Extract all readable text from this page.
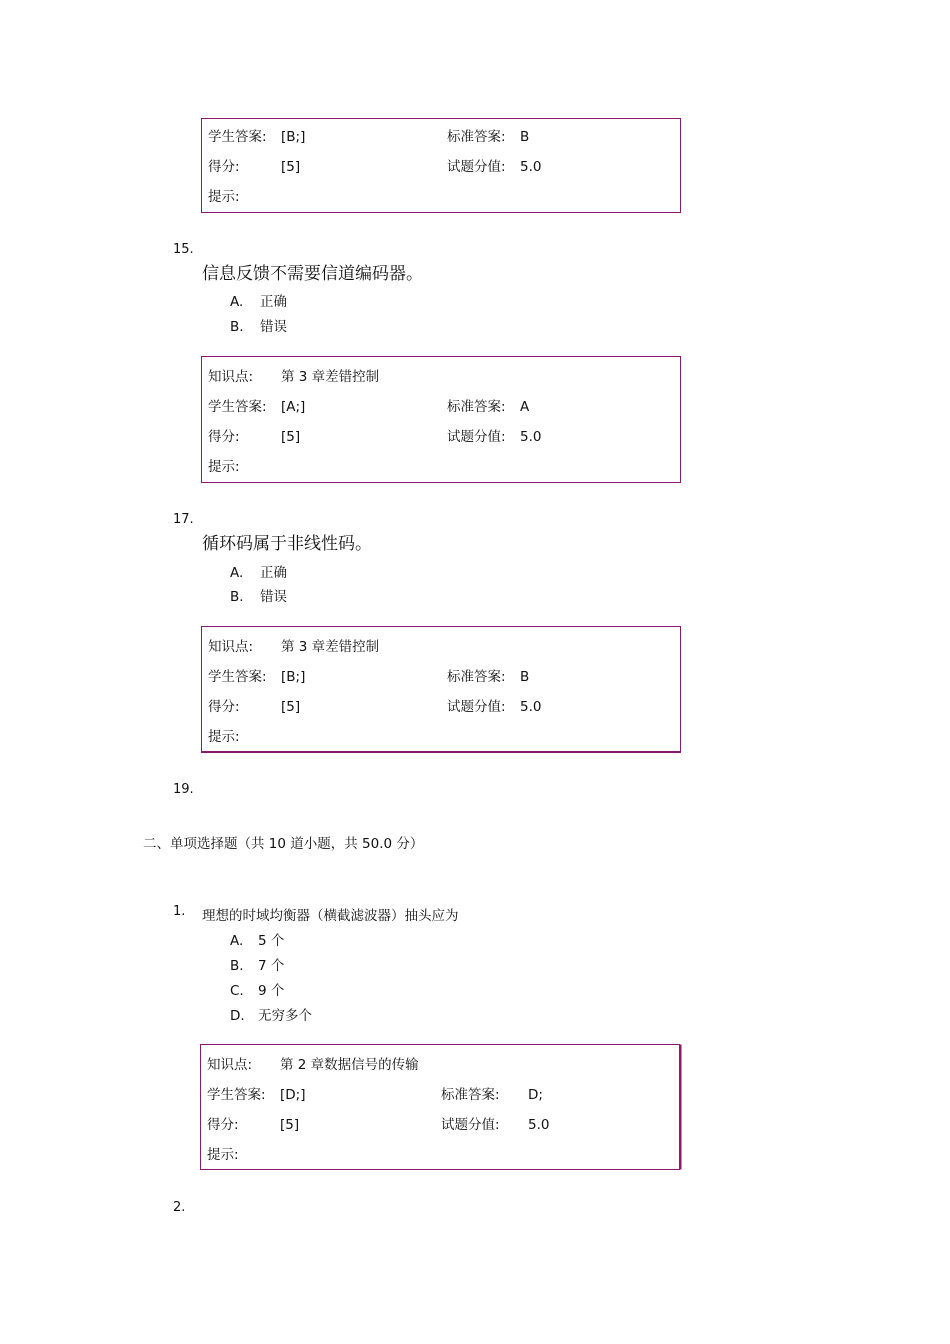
学生答案: [B;]	标准答案: B
得分:	[5]	试题分值: 5.0
提示:
15.
信息反馈不需要信道编码器。
A. 正确
B. 错误
知识点: 第 3 章差错控制
学生答案: [A;]	标准答案: A
得分:	[5]	试题分值: 5.0
提示:
17.
循环码属于非线性码。
A. 正确
B. 错误
知识点: 第 3 章差错控制
学生答案: [B;]	标准答案: B
得分:	[5]	试题分值: 5.0
提示:
19.
二、单项选择题（共 10 道小题，共 50.0 分）
1. 理想的时域均衡器（横截滤波器）抽头应为
A. 5 个
B. 7 个
C. 9 个
D. 无穷多个
知识点: 第 2 章数据信号的传输
学生答案: [D;]	标准答案: D;
得分:	[5]	试题分值: 5.0
提示:
2.
